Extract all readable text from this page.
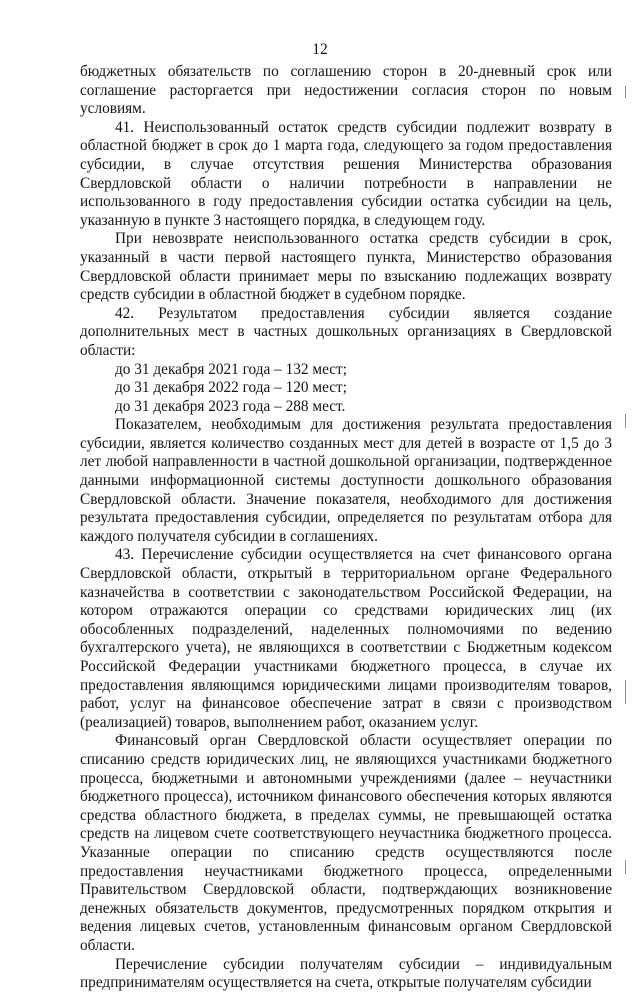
12

бюджетных обязательств по соглашению сторон в 20-дневный срок или соглашение расторгается при недостижении согласия сторон по новым условиям.

41. Неиспользованный остаток средств субсидии подлежит возврату в областной бюджет в срок до 1 марта года, следующего за годом предоставления субсидии, в случае отсутствия решения Министерства образования Свердловской области о наличии потребности в направлении не использованного в году предоставления субсидии остатка субсидии на цель, указанную в пункте 3 настоящего порядка, в следующем году.

При невозврате неиспользованного остатка средств субсидии в срок, указанный в части первой настоящего пункта, Министерство образования Свердловской области принимает меры по взысканию подлежащих возврату средств субсидии в областной бюджет в судебном порядке.

42. Результатом предоставления субсидии является создание дополнительных мест в частных дошкольных организациях в Свердловской области:

до 31 декабря 2021 года – 132 мест;

до 31 декабря 2022 года – 120 мест;

до 31 декабря 2023 года – 288 мест.

Показателем, необходимым для достижения результата предоставления субсидии, является количество созданных мест для детей в возрасте от 1,5 до 3 лет любой направленности в частной дошкольной организации, подтвержденное данными информационной системы доступности дошкольного образования Свердловской области. Значение показателя, необходимого для достижения результата предоставления субсидии, определяется по результатам отбора для каждого получателя субсидии в соглашениях.

43. Перечисление субсидии осуществляется на счет финансового органа Свердловской области, открытый в территориальном органе Федерального казначейства в соответствии с законодательством Российской Федерации, на котором отражаются операции со средствами юридических лиц (их обособленных подразделений, наделенных полномочиями по ведению бухгалтерского учета), не являющихся в соответствии с Бюджетным кодексом Российской Федерации участниками бюджетного процесса, в случае их предоставления являющимся юридическими лицами производителям товаров, работ, услуг на финансовое обеспечение затрат в связи с производством (реализацией) товаров, выполнением работ, оказанием услуг.

Финансовый орган Свердловской области осуществляет операции по списанию средств юридических лиц, не являющихся участниками бюджетного процесса, бюджетными и автономными учреждениями (далее – неучастники бюджетного процесса), источником финансового обеспечения которых являются средства областного бюджета, в пределах суммы, не превышающей остатка средств на лицевом счете соответствующего неучастника бюджетного процесса. Указанные операции по списанию средств осуществляются после предоставления неучастниками бюджетного процесса, определенными Правительством Свердловской области, подтверждающих возникновение денежных обязательств документов, предусмотренных порядком открытия и ведения лицевых счетов, установленным финансовым органом Свердловской области.

Перечисление субсидии получателям субсидии – индивидуальным предпринимателям осуществляется на счета, открытые получателям субсидии
